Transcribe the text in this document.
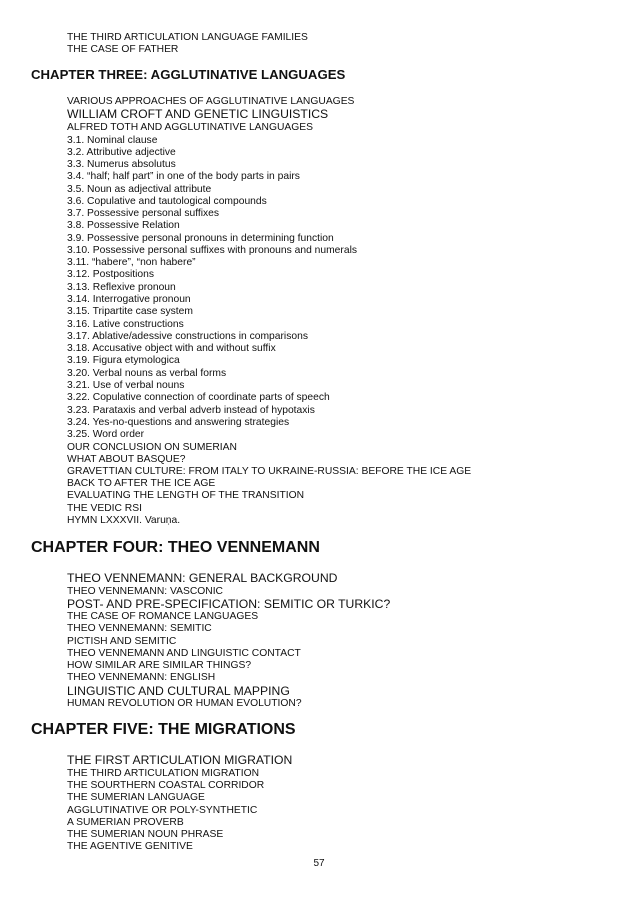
THE THIRD ARTICULATION LANGUAGE FAMILIES
THE CASE OF FATHER
CHAPTER THREE: AGGLUTINATIVE LANGUAGES
VARIOUS APPROACHES OF AGGLUTINATIVE LANGUAGES
WILLIAM CROFT AND GENETIC LINGUISTICS
ALFRED TOTH AND AGGLUTINATIVE LANGUAGES
3.1. Nominal clause
3.2. Attributive adjective
3.3. Numerus absolutus
3.4. “half; half part” in one of the body parts in pairs
3.5. Noun as adjectival attribute
3.6. Copulative and tautological compounds
3.7. Possessive personal suffixes
3.8. Possessive Relation
3.9. Possessive personal pronouns in determining function
3.10. Possessive personal suffixes with pronouns and numerals
3.11. “habere”, “non habere”
3.12. Postpositions
3.13. Reflexive pronoun
3.14. Interrogative pronoun
3.15. Tripartite case system
3.16. Lative constructions
3.17. Ablative/adessive constructions in comparisons
3.18. Accusative object with and without suffix
3.19. Figura etymologica
3.20. Verbal nouns as verbal forms
3.21. Use of verbal nouns
3.22. Copulative connection of coordinate parts of speech
3.23. Parataxis and verbal adverb instead of hypotaxis
3.24. Yes-no-questions and answering strategies
3.25. Word order
OUR CONCLUSION ON SUMERIAN
WHAT ABOUT BASQUE?
GRAVETTIAN CULTURE: FROM ITALY TO UKRAINE-RUSSIA: BEFORE THE ICE AGE
BACK TO AFTER THE ICE AGE
EVALUATING THE LENGTH OF THE TRANSITION
THE VEDIC RSI
HYMN LXXXVII. Varuṇa.
CHAPTER FOUR: THEO VENNEMANN
THEO VENNEMANN: GENERAL BACKGROUND
THEO VENNEMANN: VASCONIC
POST- AND PRE-SPECIFICATION: SEMITIC OR TURKIC?
THE CASE OF ROMANCE LANGUAGES
THEO VENNEMANN: SEMITIC
PICTISH AND SEMITIC
THEO VENNEMANN AND LINGUISTIC CONTACT
HOW SIMILAR ARE SIMILAR THINGS?
THEO VENNEMANN: ENGLISH
LINGUISTIC AND CULTURAL MAPPING
HUMAN REVOLUTION OR HUMAN EVOLUTION?
CHAPTER FIVE: THE MIGRATIONS
THE FIRST ARTICULATION MIGRATION
THE THIRD ARTICULATION MIGRATION
THE SOURTHERN COASTAL CORRIDOR
THE SUMERIAN LANGUAGE
AGGLUTINATIVE OR POLY-SYNTHETIC
A SUMERIAN PROVERB
THE SUMERIAN NOUN PHRASE
THE AGENTIVE GENITIVE
57
